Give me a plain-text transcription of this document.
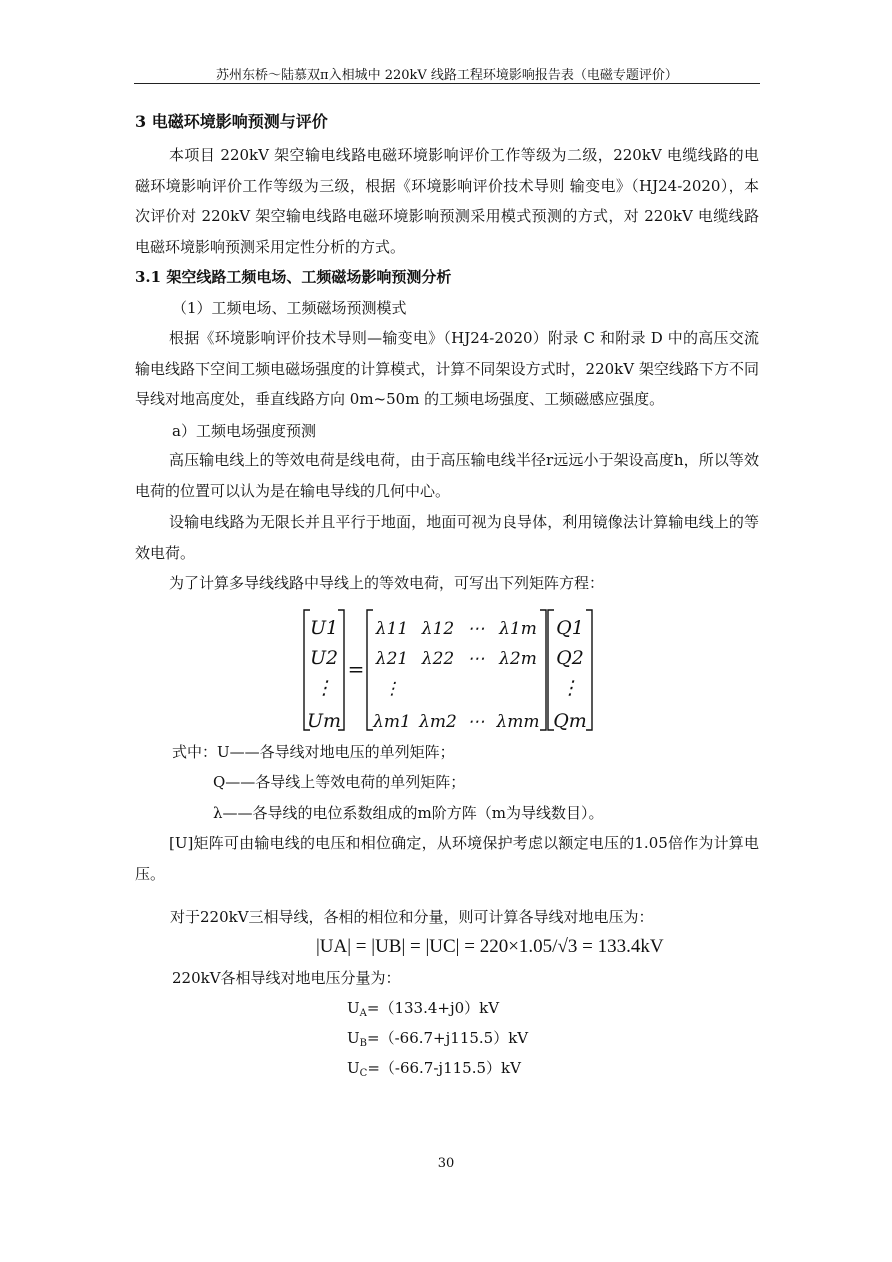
苏州东桥～陆慕双π入相城中 220kV 线路工程环境影响报告表（电磁专题评价）
3 电磁环境影响预测与评价
本项目 220kV 架空输电线路电磁环境影响评价工作等级为二级，220kV 电缆线路的电磁环境影响评价工作等级为三级，根据《环境影响评价技术导则 输变电》（HJ24-2020），本次评价对 220kV 架空输电线路电磁环境影响预测采用模式预测的方式，对 220kV 电缆线路电磁环境影响预测采用定性分析的方式。
3.1 架空线路工频电场、工频磁场影响预测分析
（1）工频电场、工频磁场预测模式
根据《环境影响评价技术导则—输变电》（HJ24-2020）附录 C 和附录 D 中的高压交流输电线路下空间工频电磁场强度的计算模式，计算不同架设方式时，220kV 架空线路下方不同导线对地高度处，垂直线路方向 0m~50m 的工频电场强度、工频磁感应强度。
a）工频电场强度预测
高压输电线上的等效电荷是线电荷，由于高压输电线半径r远远小于架设高度h，所以等效电荷的位置可以认为是在输电导线的几何中心。
设输电线路为无限长并且平行于地面，地面可视为良导体，利用镜像法计算输电线上的等效电荷。
为了计算多导线线路中导线上的等效电荷，可写出下列矩阵方程：
U1
U2
⋮
Um
λ11 λ12 ⋯ λ1m
λ21 λ22 ⋯ λ2m
⋮
λm1 λm2 ⋯ λmm
Q1
Q2
⋮
Qm
=
式中：U——各导线对地电压的单列矩阵；
Q——各导线上等效电荷的单列矩阵；
λ——各导线的电位系数组成的m阶方阵（m为导线数目）。
[U]矩阵可由输电线的电压和相位确定，从环境保护考虑以额定电压的1.05倍作为计算电压。
对于220kV三相导线，各相的相位和分量，则可计算各导线对地电压为：
|UA| = |UB| = |UC| = 220×1.05/√3 = 133.4kV
220kV各相导线对地电压分量为：
$U_A=(133.4+j0)kV$
$U_B=(-66.7+j115.5)kV$
$U_C=(-66.7-j115.5)kV$
30
